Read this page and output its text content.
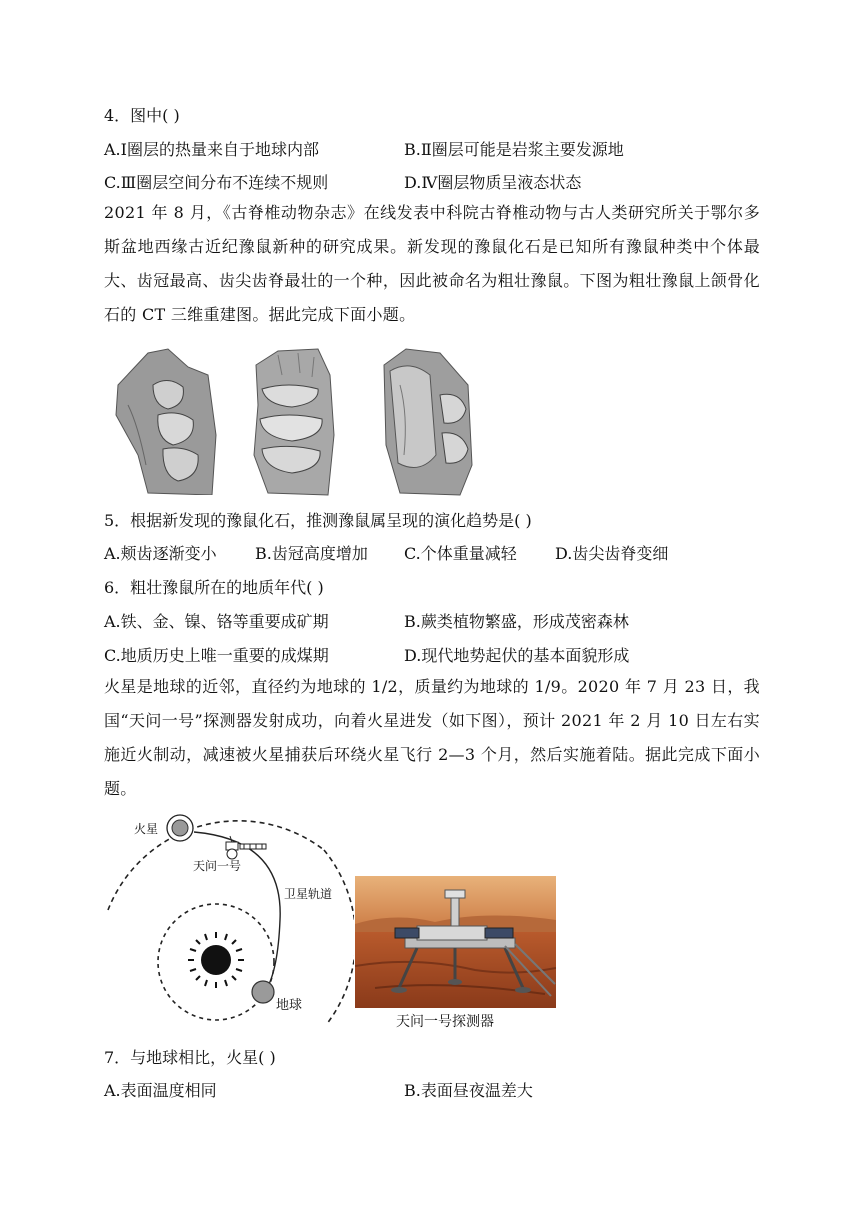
4．图中( )
A.Ⅰ圈层的热量来自于地球内部	B.Ⅱ圈层可能是岩浆主要发源地
C.Ⅲ圈层空间分布不连续不规则	D.Ⅳ圈层物质呈液态状态
2021 年 8 月，《古脊椎动物杂志》在线发表中科院古脊椎动物与古人类研究所关于鄂尔多斯盆地西缘古近纪豫鼠新种的研究成果。新发现的豫鼠化石是已知所有豫鼠种类中个体最大、齿冠最高、齿尖齿脊最壮的一个种，因此被命名为粗壮豫鼠。下图为粗壮豫鼠上颌骨化石的 CT 三维重建图。据此完成下面小题。
5．根据新发现的豫鼠化石，推测豫鼠属呈现的演化趋势是( )
A.颊齿逐渐变小 B.齿冠高度增加 C.个体重量减轻 D.齿尖齿脊变细
6．粗壮豫鼠所在的地质年代( )
A.铁、金、镍、铬等重要成矿期	B.蕨类植物繁盛，形成茂密森林
C.地质历史上唯一重要的成煤期	D.现代地势起伏的基本面貌形成
火星是地球的近邻，直径约为地球的 1/2，质量约为地球的 1/9。2020 年 7 月 23 日，我国“天问一号”探测器发射成功，向着火星进发（如下图），预计 2021 年 2 月 10 日左右实施近火制动，减速被火星捕获后环绕火星飞行 2—3 个月，然后实施着陆。据此完成下面小题。
火星
天问一号
卫星轨道
地球
天问一号探测器
7．与地球相比，火星( )
A.表面温度相同	B.表面昼夜温差大
